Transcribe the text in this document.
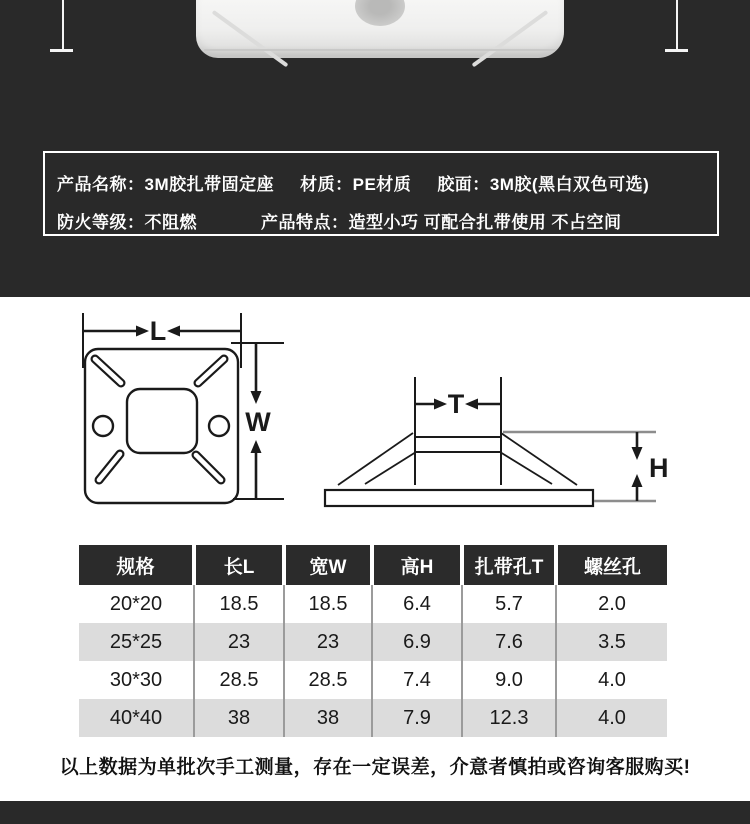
产品名称：3M胶扎带固定座 材质：PE材质 胶面：3M胶(黑白双色可选)
防火等级：不阻燃	产品特点：造型小巧 可配合扎带使用 不占空间
L
W
T
H
规格	长L	宽W	高H	扎带孔T	螺丝孔
20*20	18.5	18.5	6.4	5.7	2.0
25*25	23	23	6.9	7.6	3.5
30*30	28.5	28.5	7.4	9.0	4.0
40*40	38	38	7.9	12.3	4.0
以上数据为单批次手工测量，存在一定误差，介意者慎拍或咨询客服购买!
